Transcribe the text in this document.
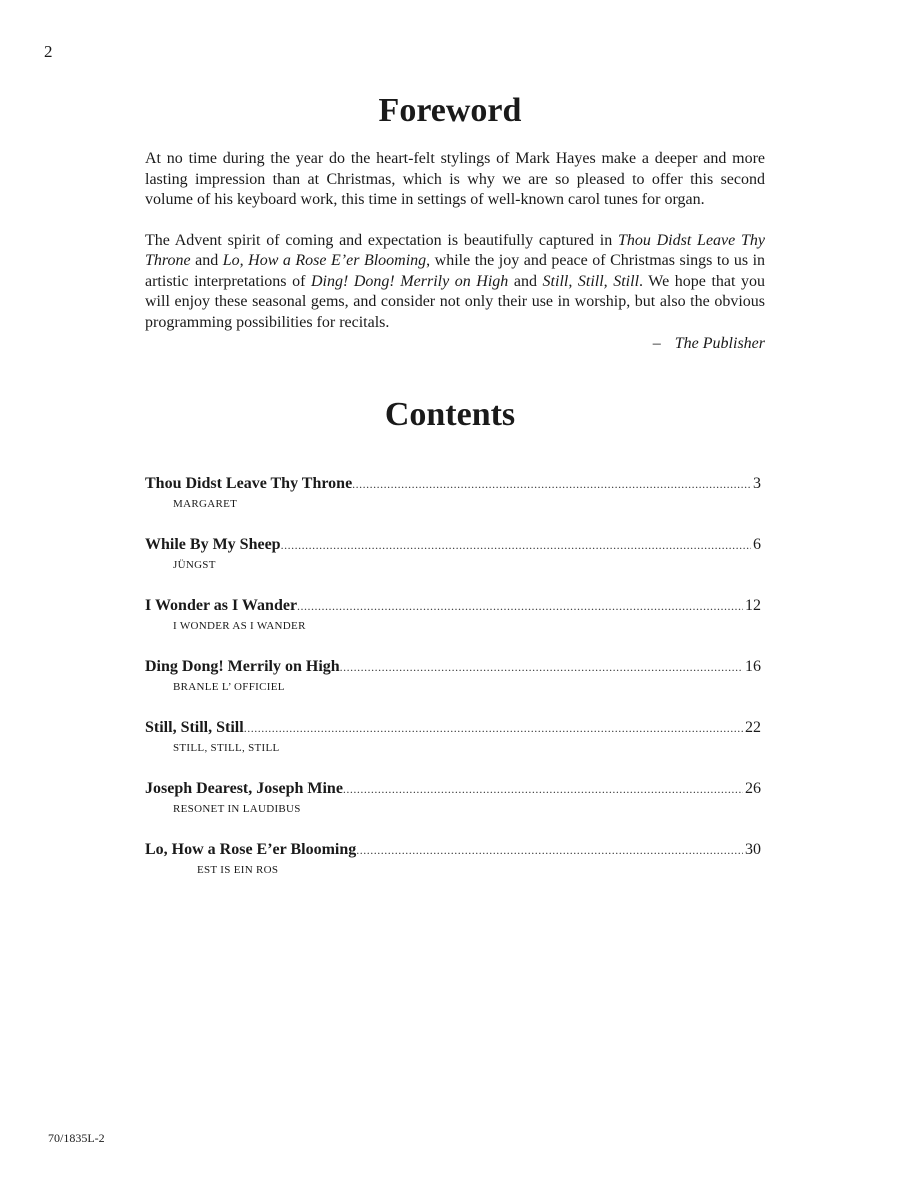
2
Foreword

At no time during the year do the heart-felt stylings of Mark Hayes make a deeper and more lasting impression than at Christmas, which is why we are so pleased to offer this second volume of his keyboard work, this time in settings of well-known carol tunes for organ.

The Advent spirit of coming and expectation is beautifully captured in Thou Didst Leave Thy Throne and Lo, How a Rose E’er Blooming, while the joy and peace of Christmas sings to us in artistic interpretations of Ding! Dong! Merrily on High and Still, Still, Still. We hope that you will enjoy these seasonal gems, and consider not only their use in worship, but also the obvious programming possibilities for recitals.

– The Publisher
Contents
Thou Didst Leave Thy Throne .....	3
MARGARET
While By My Sheep .....	6
JÜNGST
I Wonder as I Wander .....	12
I WONDER AS I WANDER
Ding Dong! Merrily on High .....	16
BRANLE L’ OFFICIEL
Still, Still, Still .....	22
STILL, STILL, STILL
Joseph Dearest, Joseph Mine .....	26
RESONET IN LAUDIBUS
Lo, How a Rose E’er Blooming .....	30
EST IS EIN ROS
70/1835L-2
